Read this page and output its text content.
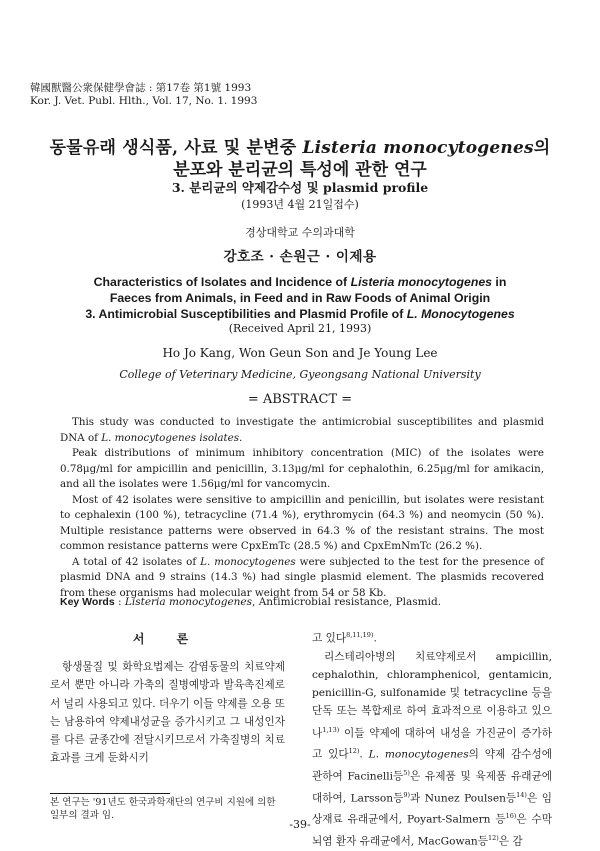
韓國獸醫公衆保健學會誌 : 第17卷 第1號 1993
Kor. J. Vet. Publ. Hlth., Vol. 17, No. 1. 1993
동물유래 생식품, 사료 및 분변중 Listeria monocytogenes의
분포와 분리균의 특성에 관한 연구
3. 분리균의 약제감수성 및 plasmid profile
(1993년 4월 21일접수)
경상대학교 수의과대학
강호조 · 손원근 · 이제용
Characteristics of Isolates and Incidence of Listeria monocytogenes in
Faeces from Animals, in Feed and in Raw Foods of Animal Origin
3. Antimicrobial Susceptibilities and Plasmid Profile of L. Monocytogenes
(Received April 21, 1993)
Ho Jo Kang, Won Geun Son and Je Young Lee
College of Veterinary Medicine, Gyeongsang National University
= ABSTRACT =

This study was conducted to investigate the antimicrobial susceptibilites and plasmid DNA of L. monocytogenes isolates.

Peak distributions of minimum inhibitory concentration (MIC) of the isolates were 0.78μg/ml for ampicillin and penicillin, 3.13μg/ml for cephalothin, 6.25μg/ml for amikacin, and all the isolates were 1.56μg/ml for vancomycin.

Most of 42 isolates were sensitive to ampicillin and penicillin, but isolates were resistant to cephalexin (100 %), tetracycline (71.4 %), erythromycin (64.3 %) and neomycin (50 %). Multiple resistance patterns were observed in 64.3 % of the resistant strains. The most common resistance patterns were CpxEmTc (28.5 %) and CpxEmNmTc (26.2 %).

A total of 42 isolates of L. monocytogenes were subjected to the test for the presence of plasmid DNA and 9 strains (14.3 %) had single plasmid element. The plasmids recovered from these organisms had molecular weight from 54 or 58 Kb.

Key Words : Listeria monocytogenes, Antimicrobial resistance, Plasmid.
서 론

항생물질 및 화학요법제는 감염동물의 치료약제로서 뿐만 아니라 가축의 질병예방과 발육촉진제로서 널리 사용되고 있다. 더우기 이들 약제를 오용 또는 남용하여 약제내성균을 증가시키고 그 내성인자를 다른 균종간에 전달시키므로서 가축질병의 치료효과를 크게 둔화시키

본 연구는 '91년도 한국과학재단의 연구비 지원에 의한 일부의 결과 임.

고 있다$^{8,11,19)}$.

리스테리아병의 치료약제로서 ampicillin, cephalothin, chloramphenicol, gentamicin, penicillin-G, sulfonamide 및 tetracycline 등을 단독 또는 복합제로 하여 효과적으로 이용하고 있으나$^{1,13)}$ 이들 약제에 대하여 내성을 가진균이 증가하고 있다$^{12)}$. L. monocytogenes의 약제 감수성에 관하여 Facinelli등$^{5)}$은 유제품 및 육제품 유래균에 대하여, Larsson등$^{9)}$과 Nunez Poulsen등$^{14)}$은 임상재료 유래균에서, Poyart-Salmern 등$^{16)}$은 수막뇌염 환자 유래균에서, MacGowan등$^{12)}$은 감

-39-
